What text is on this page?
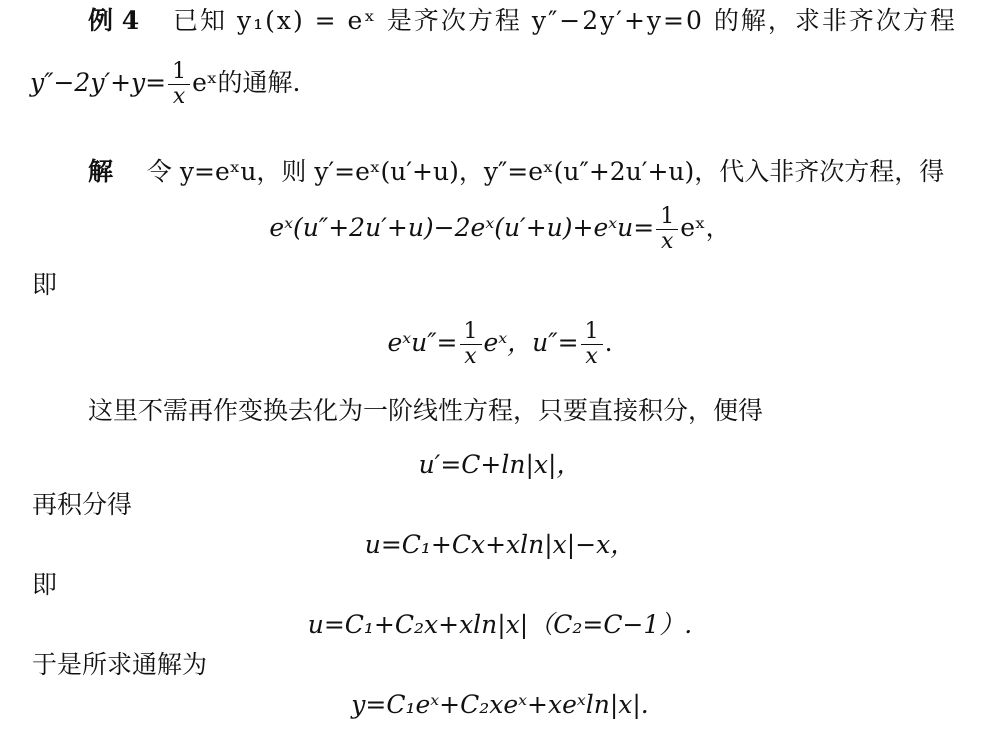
例 4 已知 y₁(x) = eˣ 是齐次方程 y″−2y′+y=0 的解，求非齐次方程
$y''-2y'+y= \frac{1}{x}$ eˣ的通解.
解 令 y=eˣu，则 y′=eˣ(u′+u)，y″=eˣ(u″+2u′+u)，代入非齐次方程，得
eˣ(u″+2u′+u)−2eˣ(u′+u)+eˣu= $\frac{1}{x}$ eˣ，
即
eˣu″= $\frac{1}{x}$ eˣ，$u''= \frac{1}{x}$ .
这里不需再作变换去化为一阶线性方程，只要直接积分，便得
u′=C+ln|x|，
再积分得
u=C₁+Cx+xln|x|−x，
即
u=C₁+C₂x+xln|x|（C₂=C−1）.
于是所求通解为
y=C₁eˣ+C₂xeˣ+xeˣln|x|.
